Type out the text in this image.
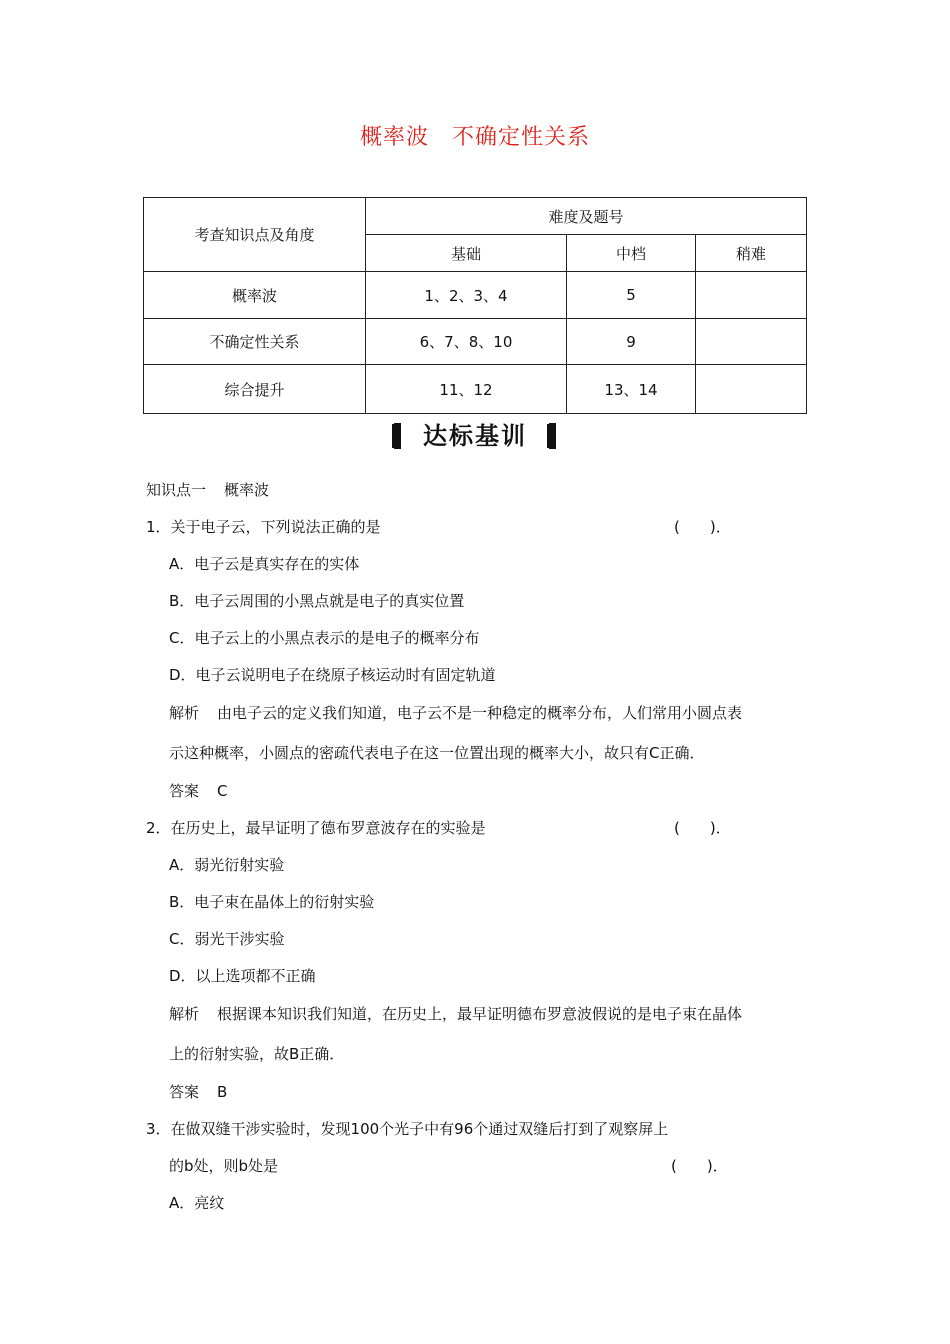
概率波　不确定性关系
考查知识点及角度	难度及题号		
	基础	中档	稍难
概率波	1、2、3、4	5	
不确定性关系	6、7、8、10	9	
综合提升	11、12	13、14	
达标基训
知识点一 概率波
1．关于电子云，下列说法正确的是	(　　)．
A．电子云是真实存在的实体
B．电子云周围的小黑点就是电子的真实位置
C．电子云上的小黑点表示的是电子的概率分布
D．电子云说明电子在绕原子核运动时有固定轨道
解析 由电子云的定义我们知道，电子云不是一种稳定的概率分布，人们常用小圆点表
示这种概率，小圆点的密疏代表电子在这一位置出现的概率大小，故只有C正确．
答案 C
2．在历史上，最早证明了德布罗意波存在的实验是	(　　)．
A．弱光衍射实验
B．电子束在晶体上的衍射实验
C．弱光干涉实验
D．以上选项都不正确
解析 根据课本知识我们知道，在历史上，最早证明德布罗意波假说的是电子束在晶体
上的衍射实验，故B正确．
答案 B
3．在做双缝干涉实验时，发现100个光子中有96个通过双缝后打到了观察屏上
的b处，则b处是	(　　)．
A．亮纹
